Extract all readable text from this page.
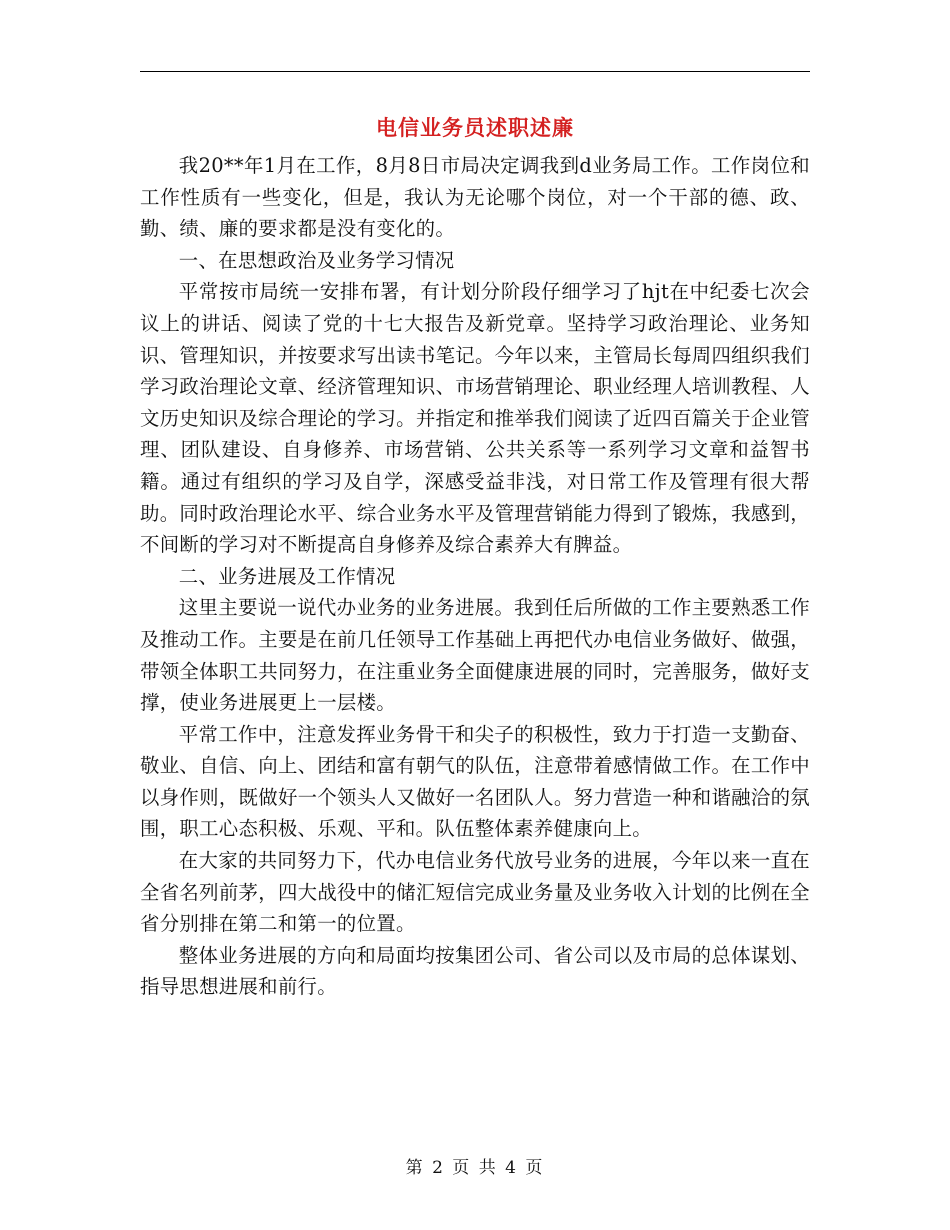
电信业务员述职述廉

我20**年1月在工作，8月8日市局决定调我到d业务局工作。工作岗位和工作性质有一些变化，但是，我认为无论哪个岗位，对一个干部的德、政、勤、绩、廉的要求都是没有变化的。

一、在思想政治及业务学习情况

平常按市局统一安排布署，有计划分阶段仔细学习了hjt在中纪委七次会议上的讲话、阅读了党的十七大报告及新党章。坚持学习政治理论、业务知识、管理知识，并按要求写出读书笔记。今年以来，主管局长每周四组织我们学习政治理论文章、经济管理知识、市场营销理论、职业经理人培训教程、人文历史知识及综合理论的学习。并指定和推举我们阅读了近四百篇关于企业管理、团队建设、自身修养、市场营销、公共关系等一系列学习文章和益智书籍。通过有组织的学习及自学，深感受益非浅，对日常工作及管理有很大帮助。同时政治理论水平、综合业务水平及管理营销能力得到了锻炼，我感到，不间断的学习对不断提高自身修养及综合素养大有脾益。

二、业务进展及工作情况

这里主要说一说代办业务的业务进展。我到任后所做的工作主要熟悉工作及推动工作。主要是在前几任领导工作基础上再把代办电信业务做好、做强，带领全体职工共同努力，在注重业务全面健康进展的同时，完善服务，做好支撑，使业务进展更上一层楼。

平常工作中，注意发挥业务骨干和尖子的积极性，致力于打造一支勤奋、敬业、自信、向上、团结和富有朝气的队伍，注意带着感情做工作。在工作中以身作则，既做好一个领头人又做好一名团队人。努力营造一种和谐融洽的氛围，职工心态积极、乐观、平和。队伍整体素养健康向上。

在大家的共同努力下，代办电信业务代放号业务的进展，今年以来一直在全省名列前茅，四大战役中的储汇短信完成业务量及业务收入计划的比例在全省分别排在第二和第一的位置。

整体业务进展的方向和局面均按集团公司、省公司以及市局的总体谋划、指导思想进展和前行。

第 2 页 共 4 页
